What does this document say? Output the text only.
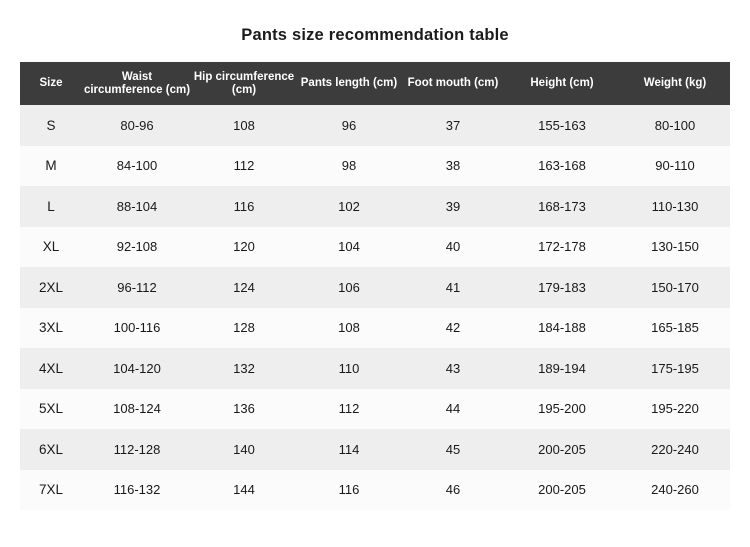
Pants size recommendation table
Size	Waist circumference (cm)	Hip circumference (cm)	Pants length (cm)	Foot mouth (cm)	Height (cm)	Weight (kg)
S	80-96	108	96	37	155-163	80-100
M	84-100	112	98	38	163-168	90-110
L	88-104	116	102	39	168-173	110-130
XL	92-108	120	104	40	172-178	130-150
2XL	96-112	124	106	41	179-183	150-170
3XL	100-116	128	108	42	184-188	165-185
4XL	104-120	132	110	43	189-194	175-195
5XL	108-124	136	112	44	195-200	195-220
6XL	112-128	140	114	45	200-205	220-240
7XL	116-132	144	116	46	200-205	240-260
